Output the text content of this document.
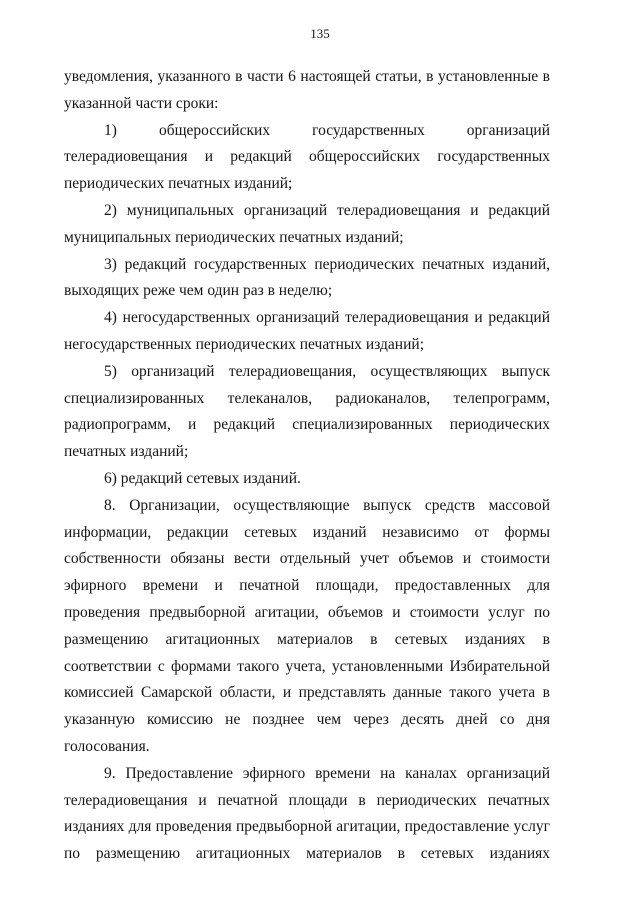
135

уведомления, указанного в части 6 настоящей статьи, в установленные в указанной части сроки:

1) общероссийских государственных организаций телерадиовещания и редакций общероссийских государственных периодических печатных изданий;

2) муниципальных организаций телерадиовещания и редакций муниципальных периодических печатных изданий;

3) редакций государственных периодических печатных изданий, выходящих реже чем один раз в неделю;

4) негосударственных организаций телерадиовещания и редакций негосударственных периодических печатных изданий;

5) организаций телерадиовещания, осуществляющих выпуск специализированных телеканалов, радиоканалов, телепрограмм, радиопрограмм, и редакций специализированных периодических печатных изданий;

6) редакций сетевых изданий.

8. Организации, осуществляющие выпуск средств массовой информации, редакции сетевых изданий независимо от формы собственности обязаны вести отдельный учет объемов и стоимости эфирного времени и печатной площади, предоставленных для проведения предвыборной агитации, объемов и стоимости услуг по размещению агитационных материалов в сетевых изданиях в соответствии с формами такого учета, установленными Избирательной комиссией Самарской области, и представлять данные такого учета в указанную комиссию не позднее чем через десять дней со дня голосования.

9. Предоставление эфирного времени на каналах организаций телерадиовещания и печатной площади в периодических печатных изданиях для проведения предвыборной агитации, предоставление услуг по размещению агитационных материалов в сетевых изданиях
